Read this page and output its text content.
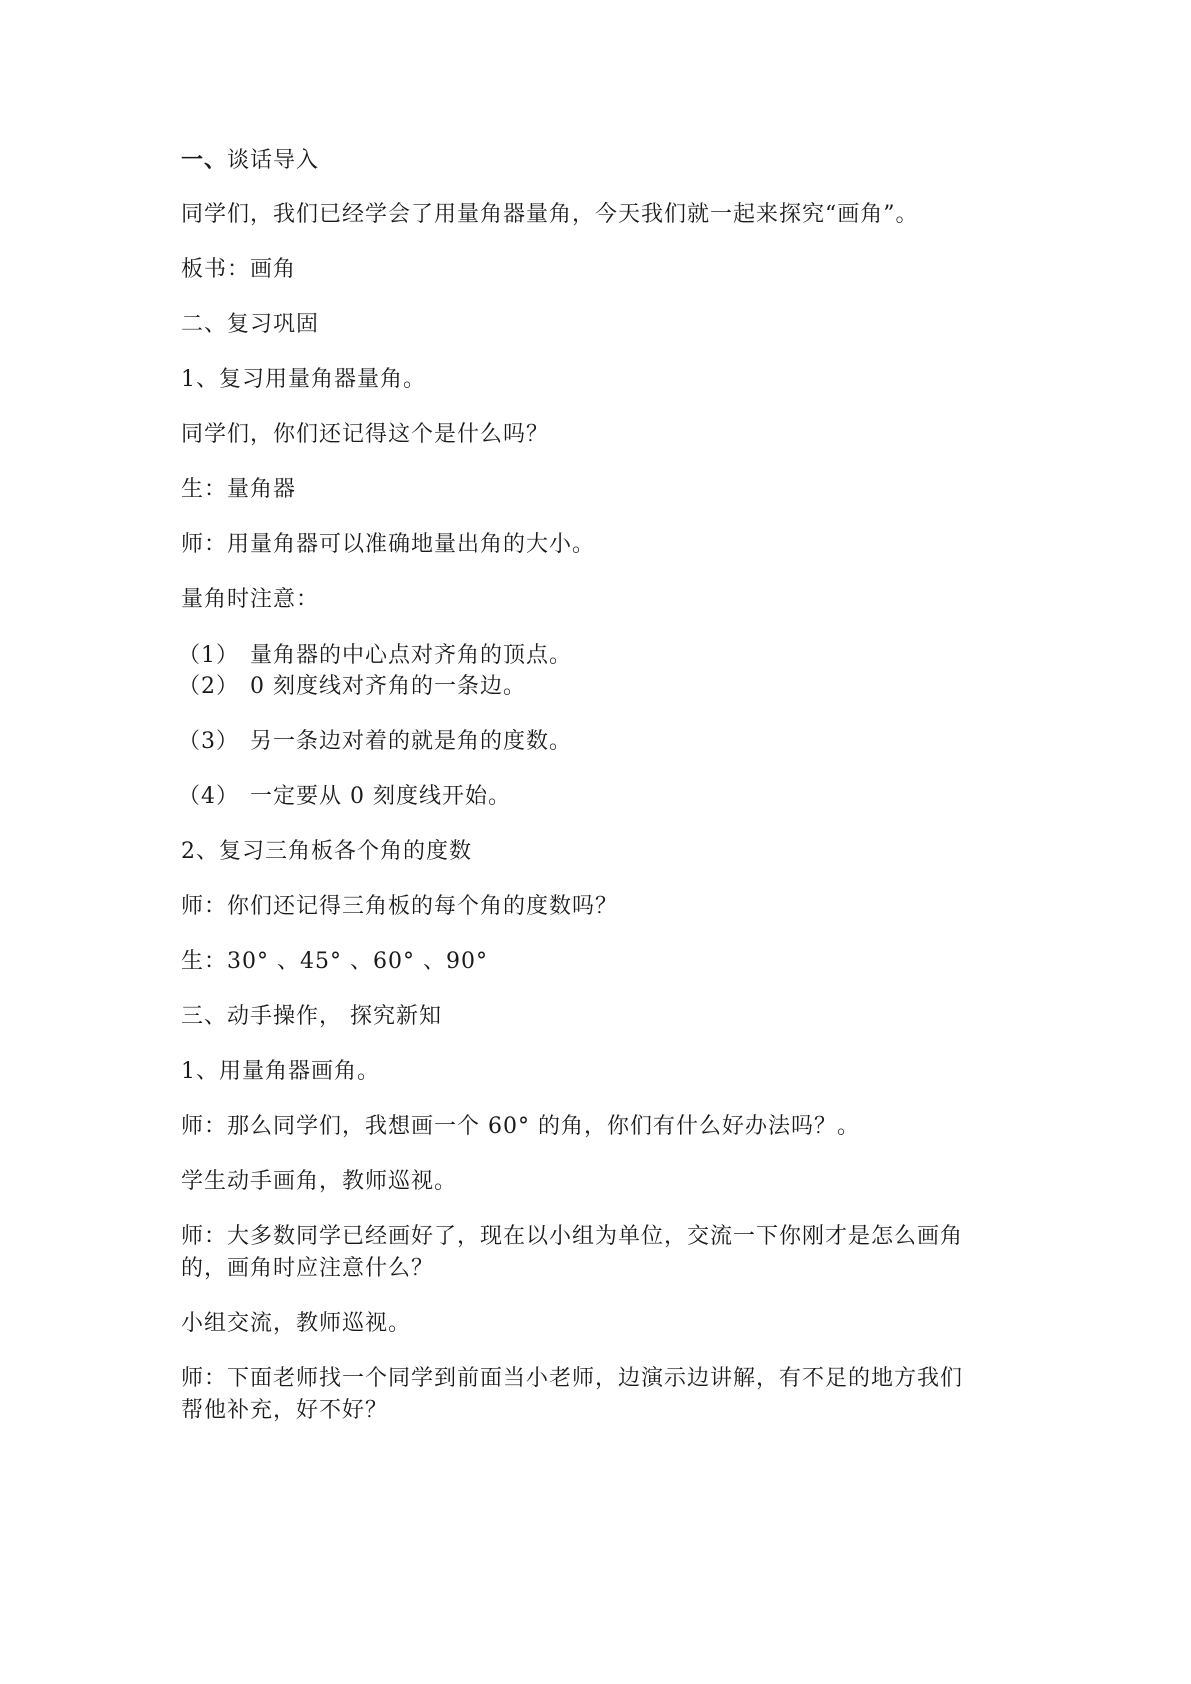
一、谈话导入
同学们，我们已经学会了用量角器量角，今天我们就一起来探究“画角”。
板书：画角
二、复习巩固
1、复习用量角器量角。
同学们，你们还记得这个是什么吗？
生：量角器
师：用量角器可以准确地量出角的大小。
量角时注意：
（1） 量角器的中心点对齐角的顶点。
（2） 0 刻度线对齐角的一条边。
（3） 另一条边对着的就是角的度数。
（4） 一定要从 0 刻度线开始。
2、复习三角板各个角的度数
师：你们还记得三角板的每个角的度数吗？
生：30° 、45° 、60° 、90°
三、动手操作， 探究新知
1、用量角器画角。
师：那么同学们，我想画一个 60° 的角，你们有什么好办法吗？。
学生动手画角，教师巡视。
师：大多数同学已经画好了，现在以小组为单位，交流一下你刚才是怎么画角
的，画角时应注意什么？
小组交流，教师巡视。
师：下面老师找一个同学到前面当小老师，边演示边讲解，有不足的地方我们
帮他补充，好不好？
